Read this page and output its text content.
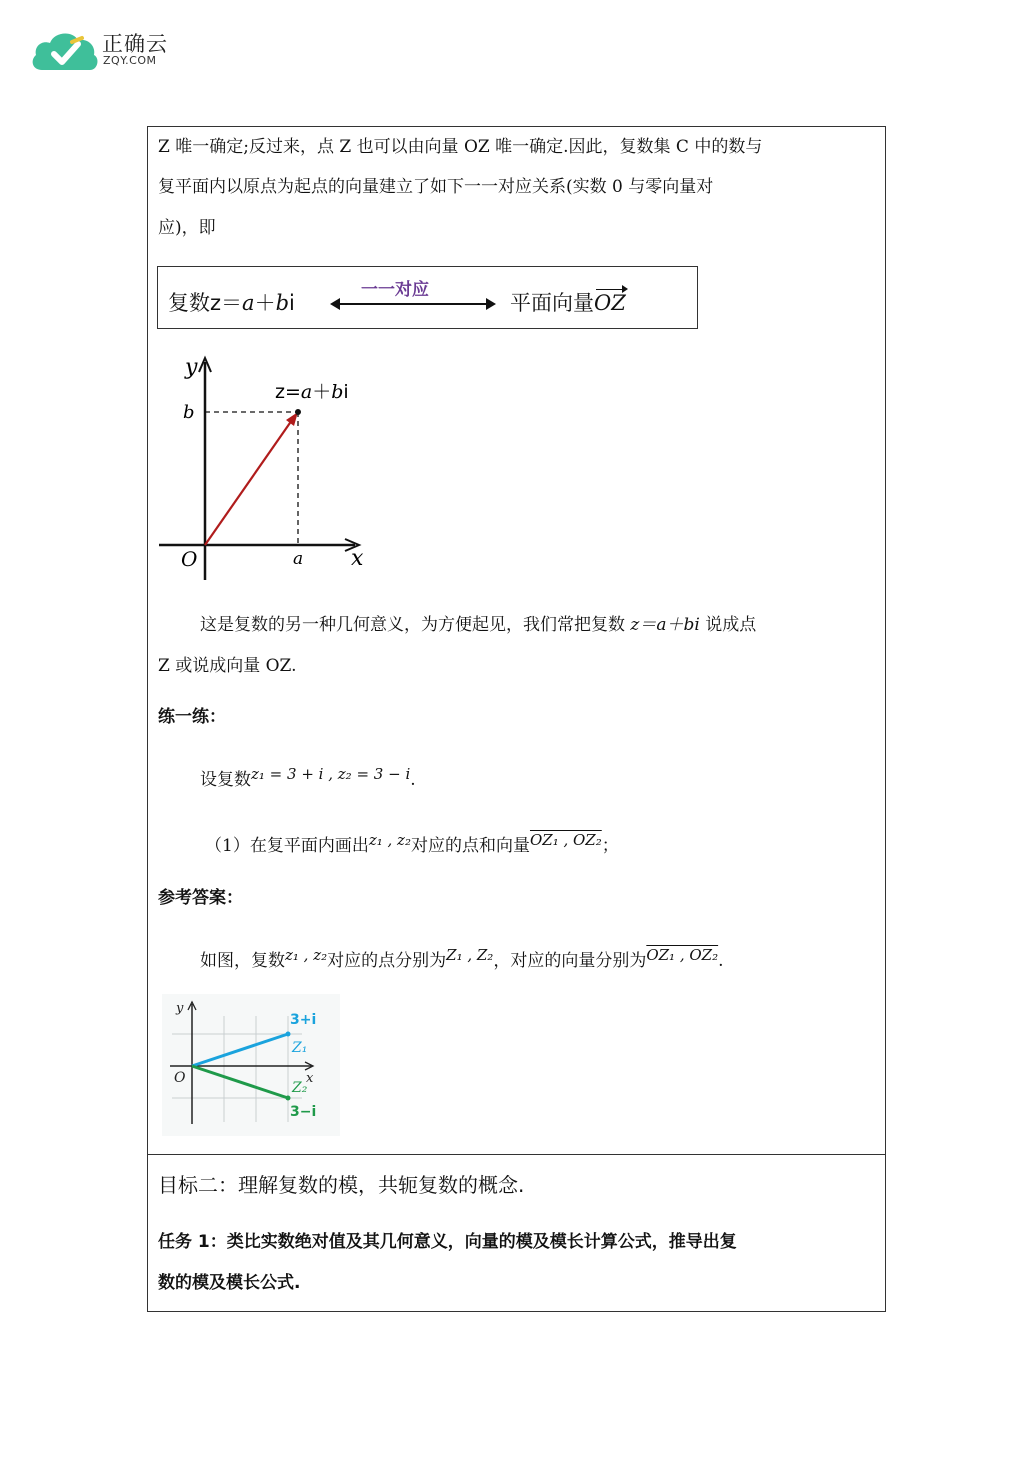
正确云
ZQY.COM
Z 唯一确定;反过来，点 Z 也可以由向量 OZ 唯一确定.因此，复数集 C 中的数与
复平面内以原点为起点的向量建立了如下一一对应关系(实数 0 与零向量对
应)，即
复数z＝a＋bi
一一对应
平面向量OZ
y
x
O	a
b
z=a＋bi
这是复数的另一种几何意义，为方便起见，我们常把复数 z＝a＋bi 说成点
Z 或说成向量 OZ.
练一练：
设复数z₁ = 3 + i , z₂ = 3 − i.
（1）在复平面内画出z₁ , z₂对应的点和向量OZ₁ , OZ₂；
参考答案：
如图，复数z₁ , z₂对应的点分别为Z₁ , Z₂，对应的向量分别为OZ₁ , OZ₂.
y
x
O
3+i
Z₁
Z₂
3−i
目标二：理解复数的模，共轭复数的概念.
任务 1：类比实数绝对值及其几何意义，向量的模及模长计算公式，推导出复
数的模及模长公式.
